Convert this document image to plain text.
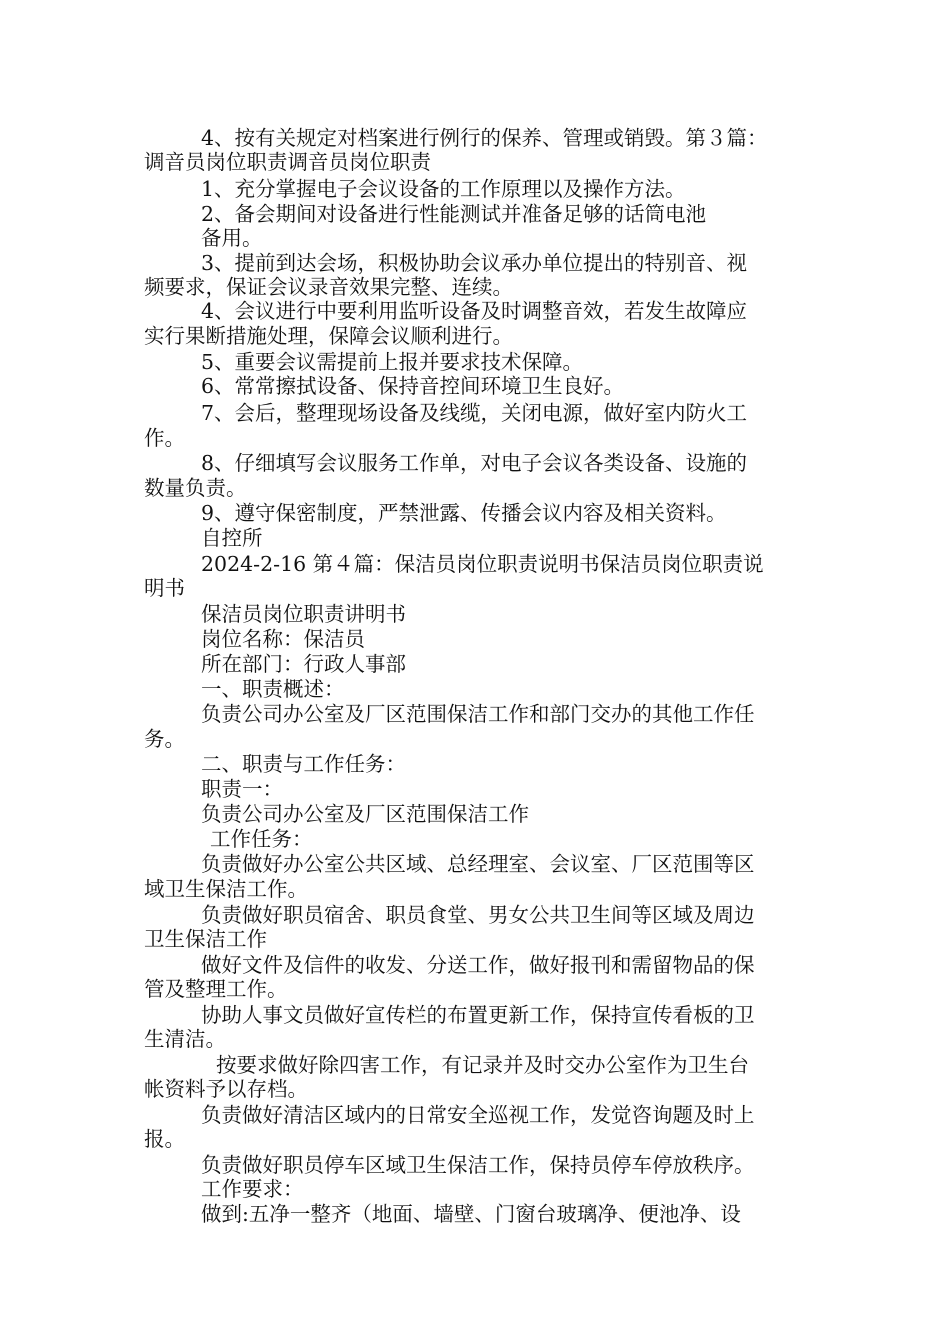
4、按有关规定对档案进行例行的保养、管理或销毁。第３篇：
调音员岗位职责调音员岗位职责
1、充分掌握电子会议设备的工作原理以及操作方法。
2、备会期间对设备进行性能测试并准备足够的话筒电池
备用。
3、提前到达会场，积极协助会议承办单位提出的特别音、视
频要求，保证会议录音效果完整、连续。
4、会议进行中要利用监听设备及时调整音效，若发生故障应
实行果断措施处理，保障会议顺利进行。
5、重要会议需提前上报并要求技术保障。
6、常常擦拭设备、保持音控间环境卫生良好。
7、会后，整理现场设备及线缆，关闭电源，做好室内防火工
作。
8、仔细填写会议服务工作单，对电子会议各类设备、设施的
数量负责。
9、遵守保密制度，严禁泄露、传播会议内容及相关资料。
自控所
2024-2-16 第４篇：保洁员岗位职责说明书保洁员岗位职责说
明书
保洁员岗位职责讲明书
岗位名称：保洁员
所在部门：行政人事部
一、职责概述：
负责公司办公室及厂区范围保洁工作和部门交办的其他工作任
务。
二、职责与工作任务：
职责一：
负责公司办公室及厂区范围保洁工作
工作任务：
负责做好办公室公共区域、总经理室、会议室、厂区范围等区
域卫生保洁工作。
负责做好职员宿舍、职员食堂、男女公共卫生间等区域及周边
卫生保洁工作
做好文件及信件的收发、分送工作，做好报刊和需留物品的保
管及整理工作。
协助人事文员做好宣传栏的布置更新工作，保持宣传看板的卫
生清洁。
按要求做好除四害工作，有记录并及时交办公室作为卫生台
帐资料予以存档。
负责做好清洁区域内的日常安全巡视工作，发觉咨询题及时上
报。
负责做好职员停车区域卫生保洁工作，保持员停车停放秩序。
工作要求：
做到:五净一整齐（地面、墙壁、门窗台玻璃净、便池净、设
